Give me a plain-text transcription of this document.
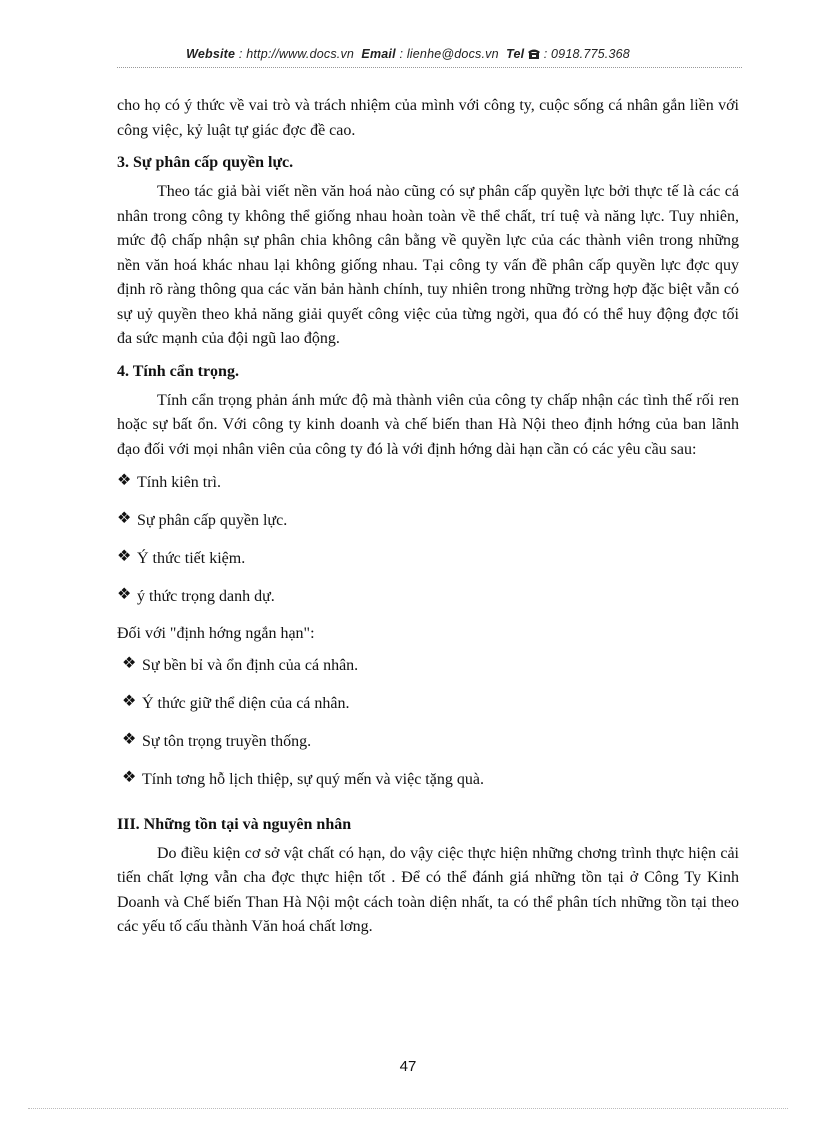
Website : http://www.docs.vn Email : lienhe@docs.vn Tel : 0918.775.368

cho họ có ý thức về vai trò và trách nhiệm của mình với công ty, cuộc sống cá nhân gắn liền với công việc, kỷ luật tự giác đợc đề cao.

3. Sự phân cấp quyền lực.

Theo tác giả bài viết nền văn hoá nào cũng có sự phân cấp quyền lực bởi thực tế là các cá nhân trong công ty không thể giống nhau hoàn toàn về thể chất, trí tuệ và năng lực. Tuy nhiên, mức độ chấp nhận sự phân chia không cân bằng về quyền lực của các thành viên trong những nền văn hoá khác nhau lại không giống nhau. Tại công ty vấn đề phân cấp quyền lực đợc quy định rõ ràng thông qua các văn bản hành chính, tuy nhiên trong những trờng hợp đặc biệt vẫn có sự uỷ quyền theo khả năng giải quyết công việc của từng ngời, qua đó có thể huy động đợc tối đa sức mạnh của đội ngũ lao động.

4. Tính cẩn trọng.

Tính cẩn trọng phản ánh mức độ mà thành viên của công ty chấp nhận các tình thế rối ren hoặc sự bất ổn. Với công ty kinh doanh và chế biến than Hà Nội theo định hớng của ban lãnh đạo đối với mọi nhân viên của công ty đó là với định hớng dài hạn cần có các yêu cầu sau:

❖ Tính kiên trì.
❖ Sự phân cấp quyền lực.
❖ Ý thức tiết kiệm.
❖ ý thức trọng danh dự.

Đối với "định hớng ngắn hạn":

❖ Sự bền bỉ và ổn định của cá nhân.
❖ Ý thức giữ thể diện của cá nhân.
❖ Sự tôn trọng truyền thống.
❖ Tính tơng hỗ lịch thiệp, sự quý mến và việc tặng quà.
III. Những tồn tại và nguyên nhân

Do điều kiện cơ sở vật chất có hạn, do vậy ciệc thực hiện những chơng trình thực hiện cải tiến chất lợng vẫn cha đợc thực hiện tốt . Để có thể đánh giá những tồn tại ở Công Ty Kinh Doanh và Chế biến Than Hà Nội một cách toàn diện nhất, ta có thể phân tích những tồn tại theo các yếu tố cấu thành Văn hoá chất lơng.

47
